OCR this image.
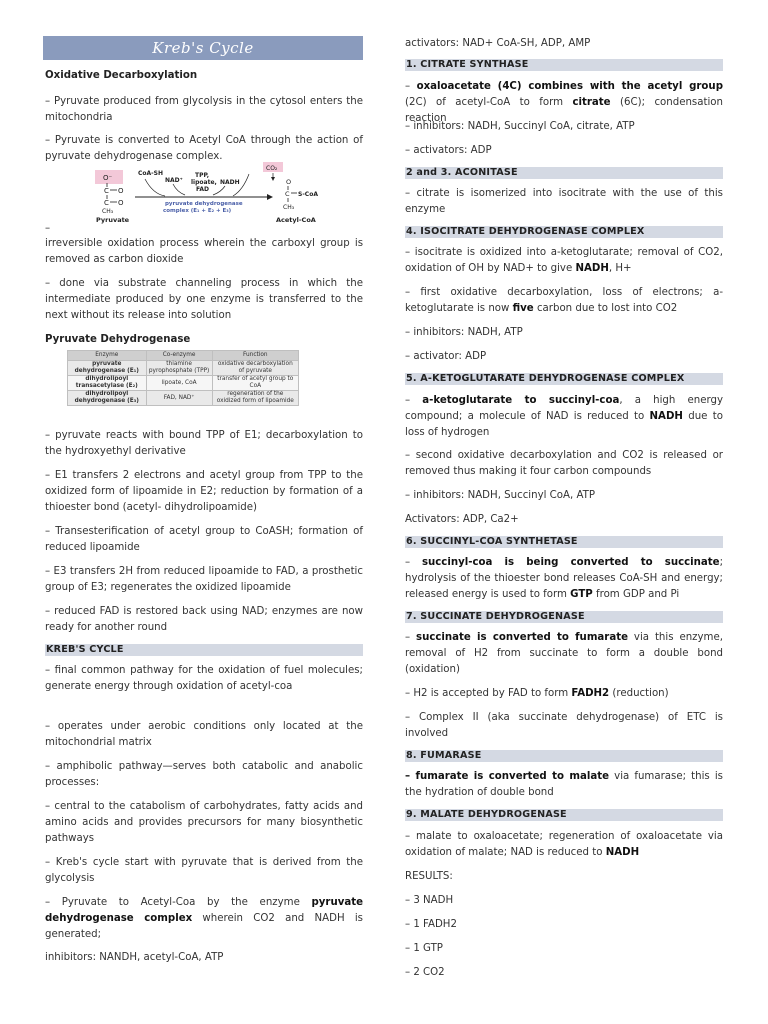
Kreb's Cycle
Oxidative Decarboxylation
– Pyruvate produced from glycolysis in the cytosol enters the mitochondria
– Pyruvate is converted to Acetyl CoA through the action of pyruvate dehydrogenase complex.
O⁻
C O
C O
CH₃
Pyruvate
CoA-SH
NAD⁺
TPP,
lipoate,
FAD
NADH
pyruvate dehydrogenase
complex (E₁ + E₂ + E₃)
CO₂
O
C S-CoA
CH₃
Acetyl-CoA
–
irreversible oxidation process wherein the carboxyl group is removed as carbon dioxide
– done via substrate channeling process in which the intermediate produced by one enzyme is transferred to the next without its release into solution
Pyruvate Dehydrogenase
Enzyme	Co-enzyme	Function
pyruvate dehydrogenase (E₁)	thiamine pyrophosphate (TPP)	oxidative decarboxylation of pyruvate
dihydrolipoyl transacetylase (E₂)	lipoate, CoA	transfer of acetyl group to CoA
dihydrolipoyl dehydrogenase (E₃)	FAD, NAD⁺	regeneration of the oxidized form of lipoamide
– pyruvate reacts with bound TPP of E1; decarboxylation to the hydroxyethyl derivative
– E1 transfers 2 electrons and acetyl group from TPP to the oxidized form of lipoamide in E2; reduction by formation of a thioester bond (acetyl- dihydrolipoamide)
– Transesterification of acetyl group to CoASH; formation of reduced lipoamide
– E3 transfers 2H from reduced lipoamide to FAD, a prosthetic group of E3; regenerates the oxidized lipoamide
– reduced FAD is restored back using NAD; enzymes are now ready for another round
KREB'S CYCLE
– final common pathway for the oxidation of fuel molecules; generate energy through oxidation of acetyl-coa
– operates under aerobic conditions only located at the mitochondrial matrix
– amphibolic pathway—serves both catabolic and anabolic processes:
– central to the catabolism of carbohydrates, fatty acids and amino acids and provides precursors for many biosynthetic pathways
– Kreb's cycle start with pyruvate that is derived from the glycolysis
– Pyruvate to Acetyl-Coa by the enzyme pyruvate dehydrogenase complex wherein CO2 and NADH is generated;
inhibitors: NANDH, acetyl-CoA, ATP
activators: NAD+ CoA-SH, ADP, AMP
1. CITRATE SYNTHASE
– oxaloacetate (4C) combines with the acetyl group (2C) of acetyl-CoA to form citrate (6C); condensation reaction
– inhibitors: NADH, Succinyl CoA, citrate, ATP
– activators: ADP
2 and 3. ACONITASE
– citrate is isomerized into isocitrate with the use of this enzyme
4. ISOCITRATE DEHYDROGENASE COMPLEX
– isocitrate is oxidized into a-ketoglutarate; removal of CO2, oxidation of OH by NAD+ to give NADH, H+
– first oxidative decarboxylation, loss of electrons; a-ketoglutarate is now five carbon due to lost into CO2
– inhibitors: NADH, ATP
– activator: ADP
5. A-KETOGLUTARATE DEHYDROGENASE COMPLEX
– a-ketoglutarate to succinyl-coa, a high energy compound; a molecule of NAD is reduced to NADH due to loss of hydrogen
– second oxidative decarboxylation and CO2 is released or removed thus making it four carbon compounds
– inhibitors: NADH, Succinyl CoA, ATP
Activators: ADP, Ca2+
6. SUCCINYL-COA SYNTHETASE
– succinyl-coa is being converted to succinate; hydrolysis of the thioester bond releases CoA-SH and energy; released energy is used to form GTP from GDP and Pi
7. SUCCINATE DEHYDROGENASE
– succinate is converted to fumarate via this enzyme, removal of H2 from succinate to form a double bond (oxidation)
– H2 is accepted by FAD to form FADH2 (reduction)
– Complex II (aka succinate dehydrogenase) of ETC is involved
8. FUMARASE
– fumarate is converted to malate via fumarase; this is the hydration of double bond
9. MALATE DEHYDROGENASE
– malate to oxaloacetate; regeneration of oxaloacetate via oxidation of malate; NAD is reduced to NADH
RESULTS:
– 3 NADH
– 1 FADH2
– 1 GTP
– 2 CO2
